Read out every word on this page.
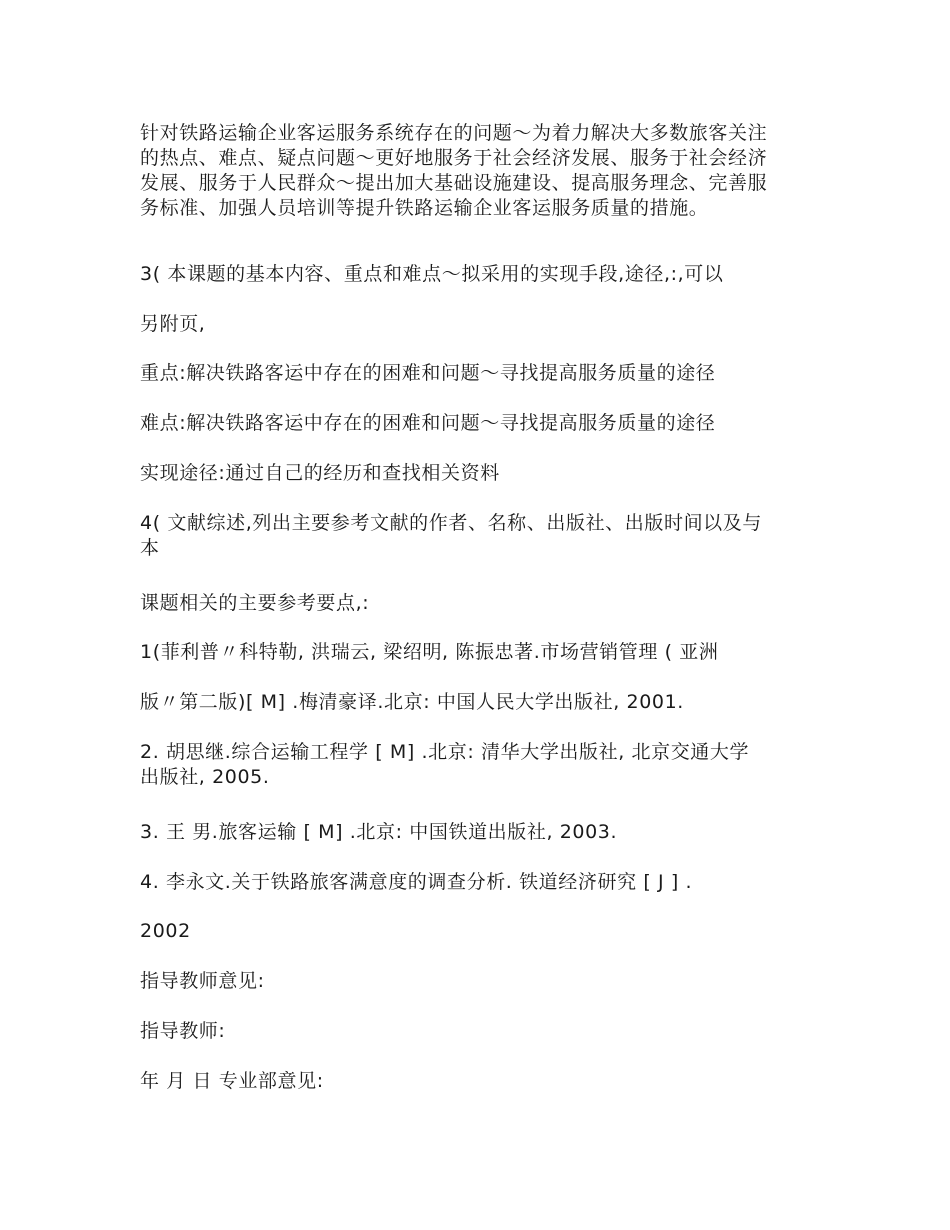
针对铁路运输企业客运服务系统存在的问题～为着力解决大多数旅客关注
的热点、难点、疑点问题～更好地服务于社会经济发展、服务于社会经济
发展、服务于人民群众～提出加大基础设施建设、提高服务理念、完善服
务标准、加强人员培训等提升铁路运输企业客运服务质量的措施。

3( 本课题的基本内容、重点和难点～拟采用的实现手段,途径,:,可以

另附页,

重点:解决铁路客运中存在的困难和问题～寻找提高服务质量的途径

难点:解决铁路客运中存在的困难和问题～寻找提高服务质量的途径

实现途径:通过自己的经历和查找相关资料

4( 文献综述,列出主要参考文献的作者、名称、出版社、出版时间以及与
本

课题相关的主要参考要点,:

1(菲利普〃科特勒, 洪瑞云, 梁绍明, 陈振忠著.市场营销管理 ( 亚洲

版〃第二版)[ M] .梅清豪译.北京: 中国人民大学出版社, 2001.

2. 胡思继.综合运输工程学 [ M] .北京: 清华大学出版社, 北京交通大学
出版社, 2005.

3. 王 男.旅客运输 [ M] .北京: 中国铁道出版社, 2003.

4. 李永文.关于铁路旅客满意度的调查分析. 铁道经济研究 [ J ] .

2002

指导教师意见:

指导教师:

年 月 日 专业部意见:
